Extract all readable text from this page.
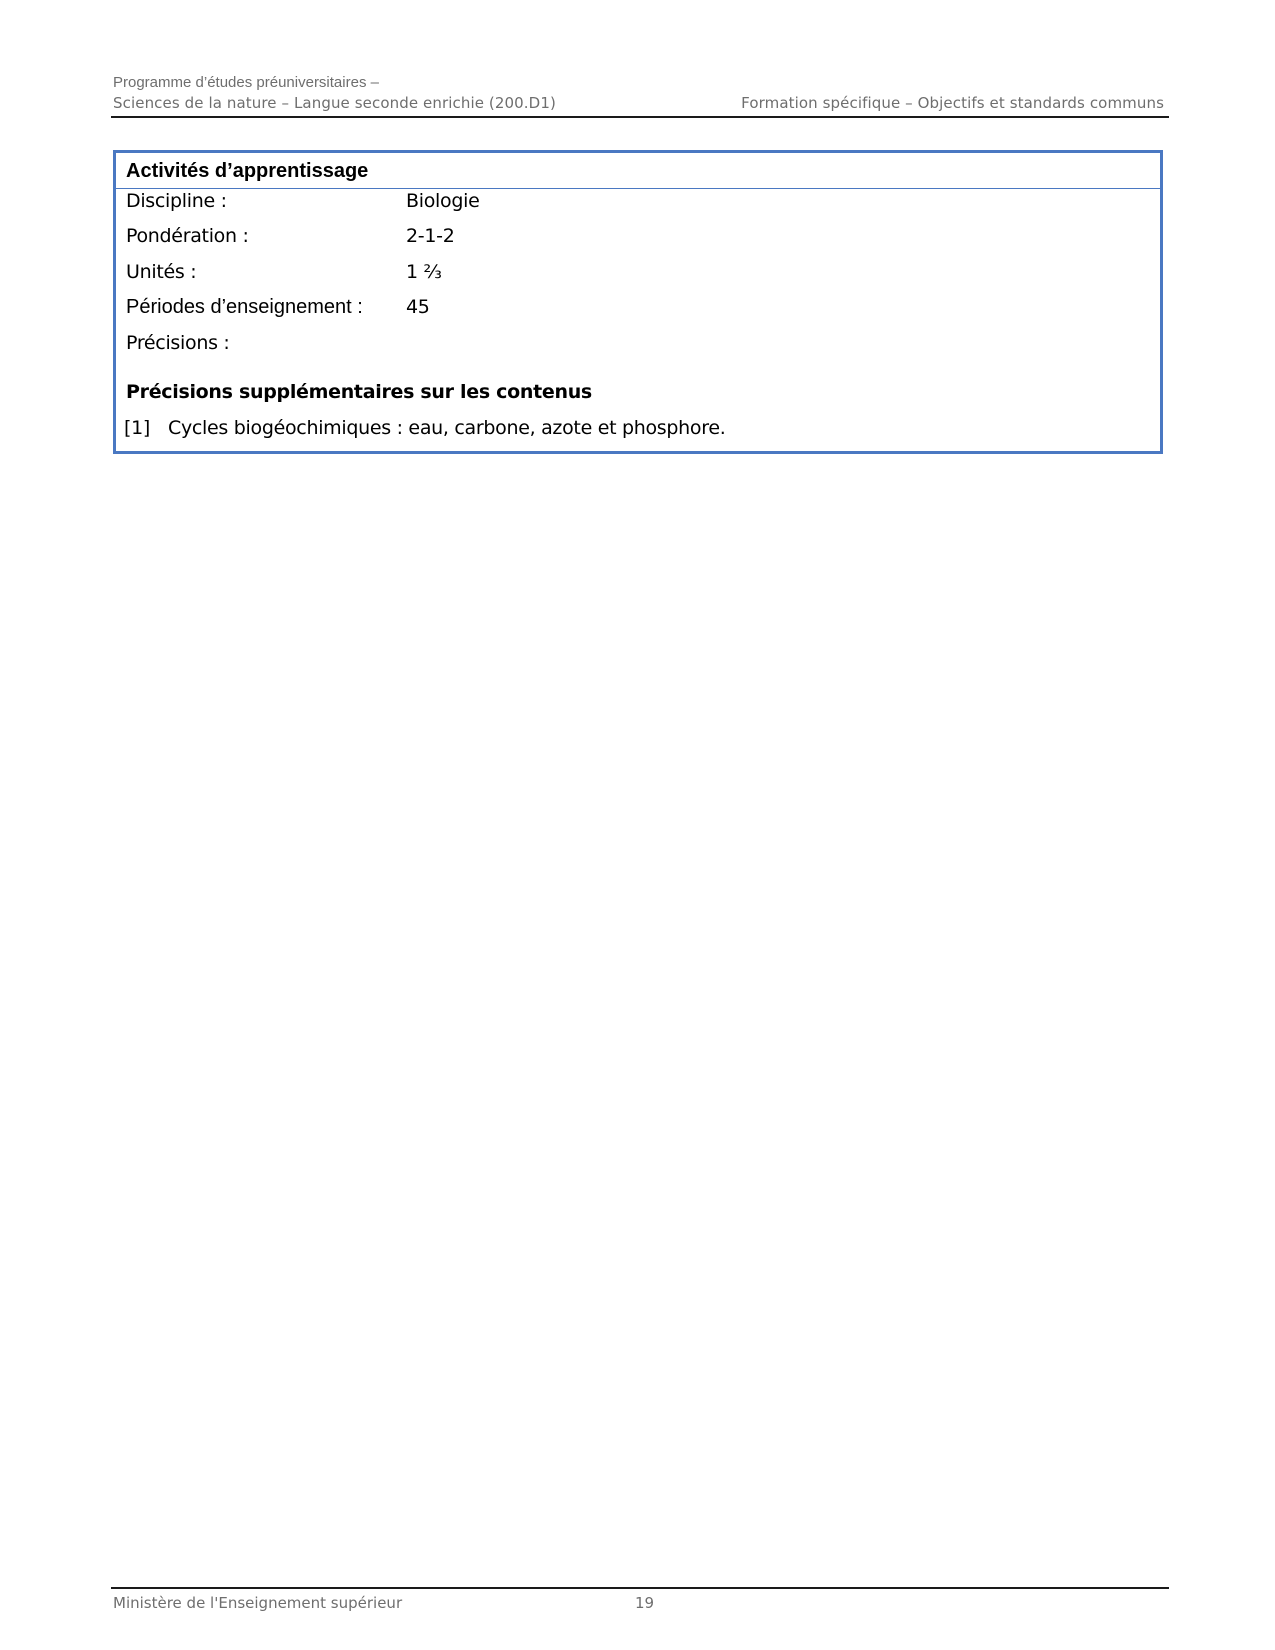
Programme d’études préuniversitaires –
Sciences de la nature – Langue seconde enrichie (200.D1)	Formation spécifique – Objectifs et standards communs
Activités d’apprentissage
Discipline :	Biologie
Pondération :	2-1-2
Unités :	1 ⅔
Périodes d’enseignement : 45
Précisions :
Précisions supplémentaires sur les contenus
[1] Cycles biogéochimiques : eau, carbone, azote et phosphore.
Ministère de l'Enseignement supérieur	19
